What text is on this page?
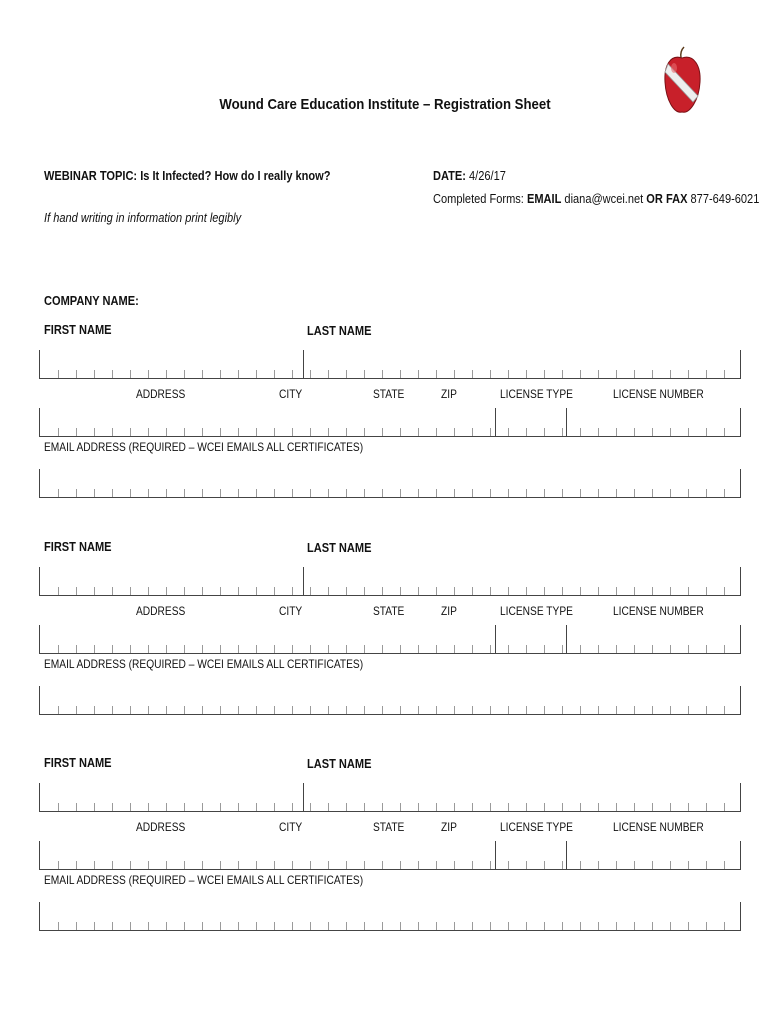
Wound Care Education Institute – Registration Sheet
WEBINAR TOPIC: Is It Infected? How do I really know?
If hand writing in information print legibly
DATE: 4/26/17
Completed Forms: EMAIL diana@wcei.net OR FAX 877-649-6021
COMPANY NAME:
FIRST NAME	LAST NAME
ADDRESS	CITY	STATE	ZIP	LICENSE TYPE	LICENSE NUMBER
EMAIL ADDRESS (REQUIRED – WCEI EMAILS ALL CERTIFICATES)
FIRST NAME	LAST NAME
ADDRESS	CITY	STATE	ZIP	LICENSE TYPE	LICENSE NUMBER
EMAIL ADDRESS (REQUIRED – WCEI EMAILS ALL CERTIFICATES)
FIRST NAME	LAST NAME
ADDRESS	CITY	STATE	ZIP	LICENSE TYPE	LICENSE NUMBER
EMAIL ADDRESS (REQUIRED – WCEI EMAILS ALL CERTIFICATES)
